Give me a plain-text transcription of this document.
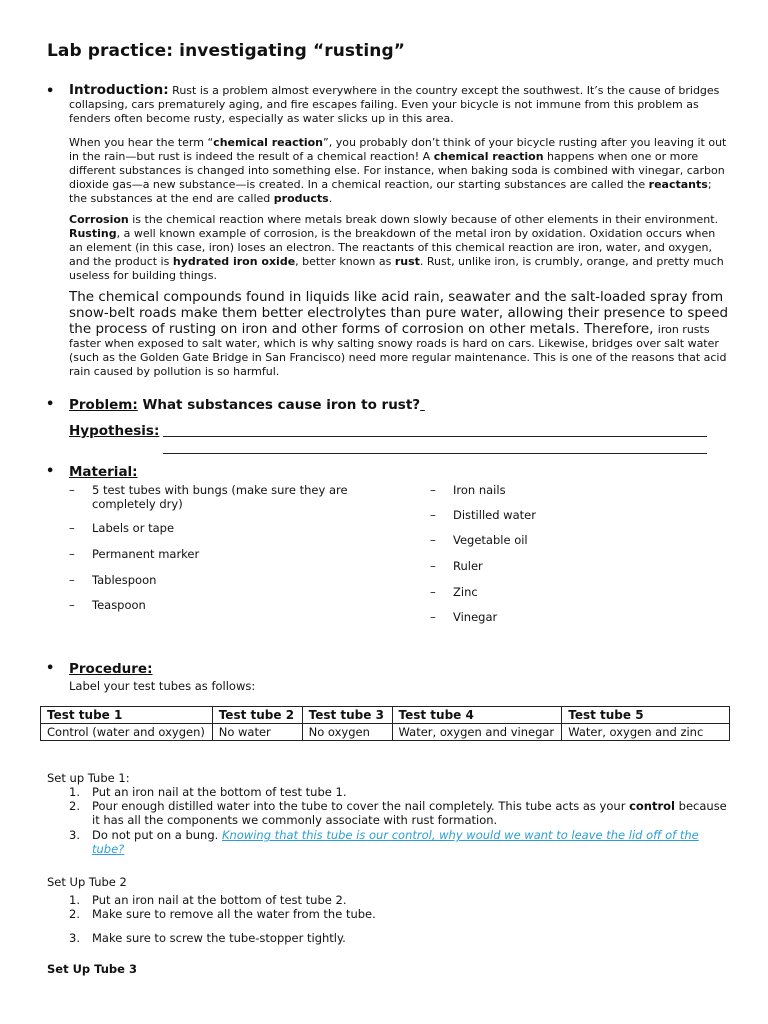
Lab practice: investigating “rusting”
• Introduction: Rust is a problem almost everywhere in the country except the southwest. It’s the cause of bridges collapsing, cars prematurely aging, and fire escapes failing. Even your bicycle is not immune from this problem as fenders often become rusty, especially as water slicks up in this area.
When you hear the term “chemical reaction”, you probably don’t think of your bicycle rusting after you leaving it out in the rain—but rust is indeed the result of a chemical reaction! A chemical reaction happens when one or more different substances is changed into something else. For instance, when baking soda is combined with vinegar, carbon dioxide gas—a new substance—is created. In a chemical reaction, our starting substances are called the reactants; the substances at the end are called products.
Corrosion is the chemical reaction where metals break down slowly because of other elements in their environment. Rusting, a well known example of corrosion, is the breakdown of the metal iron by oxidation. Oxidation occurs when an element (in this case, iron) loses an electron. The reactants of this chemical reaction are iron, water, and oxygen, and the product is hydrated iron oxide, better known as rust. Rust, unlike iron, is crumbly, orange, and pretty much useless for building things.
The chemical compounds found in liquids like acid rain, seawater and the salt-loaded spray from snow-belt roads make them better electrolytes than pure water, allowing their presence to speed the process of rusting on iron and other forms of corrosion on other metals. Therefore, iron rusts faster when exposed to salt water, which is why salting snowy roads is hard on cars. Likewise, bridges over salt water (such as the Golden Gate Bridge in San Francisco) need more regular maintenance. This is one of the reasons that acid rain caused by pollution is so harmful.
• Problem: What substances cause iron to rust?
Hypothesis:
• Material:
– 5 test tubes with bungs (make sure they are completely dry)
– Labels or tape
– Permanent marker
– Tablespoon
– Teaspoon
– Iron nails
– Distilled water
– Vegetable oil
– Ruler
– Zinc
– Vinegar
• Procedure:
Label your test tubes as follows:
Test tube 1	Test tube 2	Test tube 3	Test tube 4	Test tube 5
Control (water and oxygen)	No water	No oxygen	Water, oxygen and vinegar	Water, oxygen and zinc
Set up Tube 1:
1. Put an iron nail at the bottom of test tube 1.
2. Pour enough distilled water into the tube to cover the nail completely. This tube acts as your control because it has all the components we commonly associate with rust formation.
3. Do not put on a bung. Knowing that this tube is our control, why would we want to leave the lid off of the tube?
Set Up Tube 2
1. Put an iron nail at the bottom of test tube 2.
2. Make sure to remove all the water from the tube.
3. Make sure to screw the tube-stopper tightly.
Set Up Tube 3
